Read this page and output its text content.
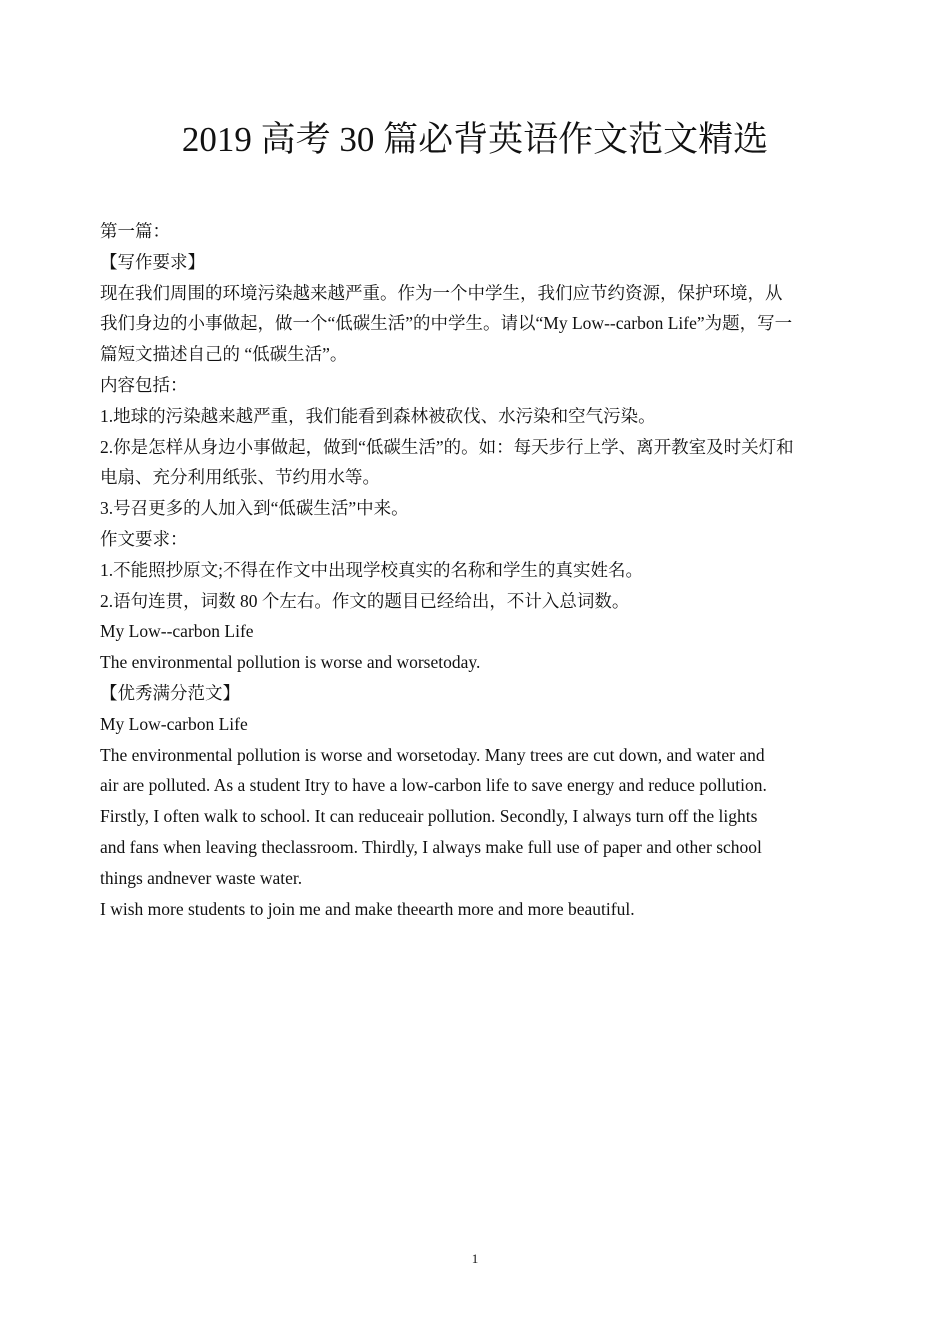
2019 高考 30 篇必背英语作文范文精选

第一篇：

【写作要求】

现在我们周围的环境污染越来越严重。作为一个中学生，我们应节约资源，保护环境，从

我们身边的小事做起，做一个“低碳生活”的中学生。请以“My Low--carbon Life”为题，写一

篇短文描述自己的 “低碳生活”。

内容包括：

1.地球的污染越来越严重，我们能看到森林被砍伐、水污染和空气污染。

2.你是怎样从身边小事做起，做到“低碳生活”的。如：每天步行上学、离开教室及时关灯和

电扇、充分利用纸张、节约用水等。

3.号召更多的人加入到“低碳生活”中来。

作文要求：

1.不能照抄原文;不得在作文中出现学校真实的名称和学生的真实姓名。

2.语句连贯，词数 80 个左右。作文的题目已经给出，不计入总词数。

My Low--carbon Life

The environmental pollution is worse and worsetoday.

【优秀满分范文】

My Low-carbon Life

The environmental pollution is worse and worsetoday. Many trees are cut down, and water and

air are polluted. As a student Itry to have a low-carbon life to save energy and reduce pollution.

Firstly, I often walk to school. It can reduceair pollution. Secondly, I always turn off the lights

and fans when leaving theclassroom. Thirdly, I always make full use of paper and other school

things andnever waste water.

I wish more students to join me and make theearth more and more beautiful.

1
